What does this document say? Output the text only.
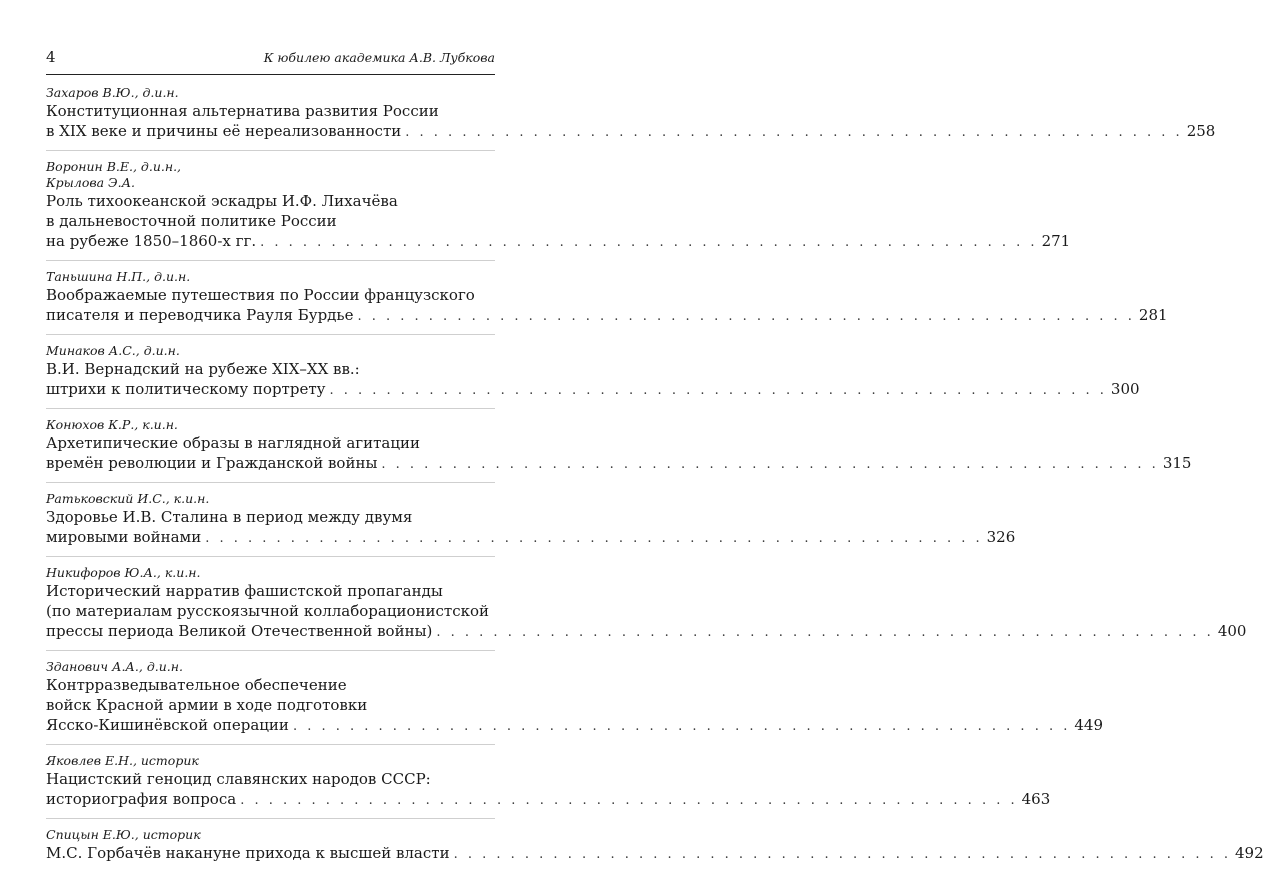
4	К юбилею академика А.В. Лубкова
Захаров В.Ю., д.и.н.
Конституционная альтернатива развития России
в XIX веке и причины её нереализованности . . . . . . . . . . . . . . . . . . . . . . . . . . . . . . . . . . . . . . . . . . . . . . . . . . . . . . . 258
Воронин В.Е., д.и.н.,
Крылова Э.А.
Роль тихоокеанской эскадры И.Ф. Лихачёва
в дальневосточной политике России
на рубеже 1850–1860-х гг. . . . . . . . . . . . . . . . . . . . . . . . . . . . . . . . . . . . . . . . . . . . . . . . . . . . . . . . 271
Таньшина Н.П., д.и.н.
Воображаемые путешествия по России французского
писателя и переводчика Рауля Бурдье . . . . . . . . . . . . . . . . . . . . . . . . . . . . . . . . . . . . . . . . . . . . . . . . . . . . . . . 281
Минаков А.С., д.и.н.
В.И. Вернадский на рубеже XIX–XX вв.:
штрихи к политическому портрету . . . . . . . . . . . . . . . . . . . . . . . . . . . . . . . . . . . . . . . . . . . . . . . . . . . . . . . 300
Конюхов К.Р., к.и.н.
Архетипические образы в наглядной агитации
времён революции и Гражданской войны . . . . . . . . . . . . . . . . . . . . . . . . . . . . . . . . . . . . . . . . . . . . . . . . . . . . . . . 315
Ратьковский И.С., к.и.н.
Здоровье И.В. Сталина в период между двумя
мировыми войнами . . . . . . . . . . . . . . . . . . . . . . . . . . . . . . . . . . . . . . . . . . . . . . . . . . . . . . . 326
Никифоров Ю.А., к.и.н.
Исторический нарратив фашистской пропаганды
(по материалам русскоязычной коллаборационистской
прессы периода Великой Отечественной войны) . . . . . . . . . . . . . . . . . . . . . . . . . . . . . . . . . . . . . . . . . . . . . . . . . . . . . . . 400
Зданович А.А., д.и.н.
Контрразведывательное обеспечение
войск Красной армии в ходе подготовки
Ясско-Кишинёвской операции . . . . . . . . . . . . . . . . . . . . . . . . . . . . . . . . . . . . . . . . . . . . . . . . . . . . . . . 449
Яковлев Е.Н., историк
Нацистский геноцид славянских народов СССР:
историография вопроса . . . . . . . . . . . . . . . . . . . . . . . . . . . . . . . . . . . . . . . . . . . . . . . . . . . . . . . 463
Спицын Е.Ю., историк
М.С. Горбачёв накануне прихода к высшей власти . . . . . . . . . . . . . . . . . . . . . . . . . . . . . . . . . . . . . . . . . . . . . . . . . . . . . . . 492
